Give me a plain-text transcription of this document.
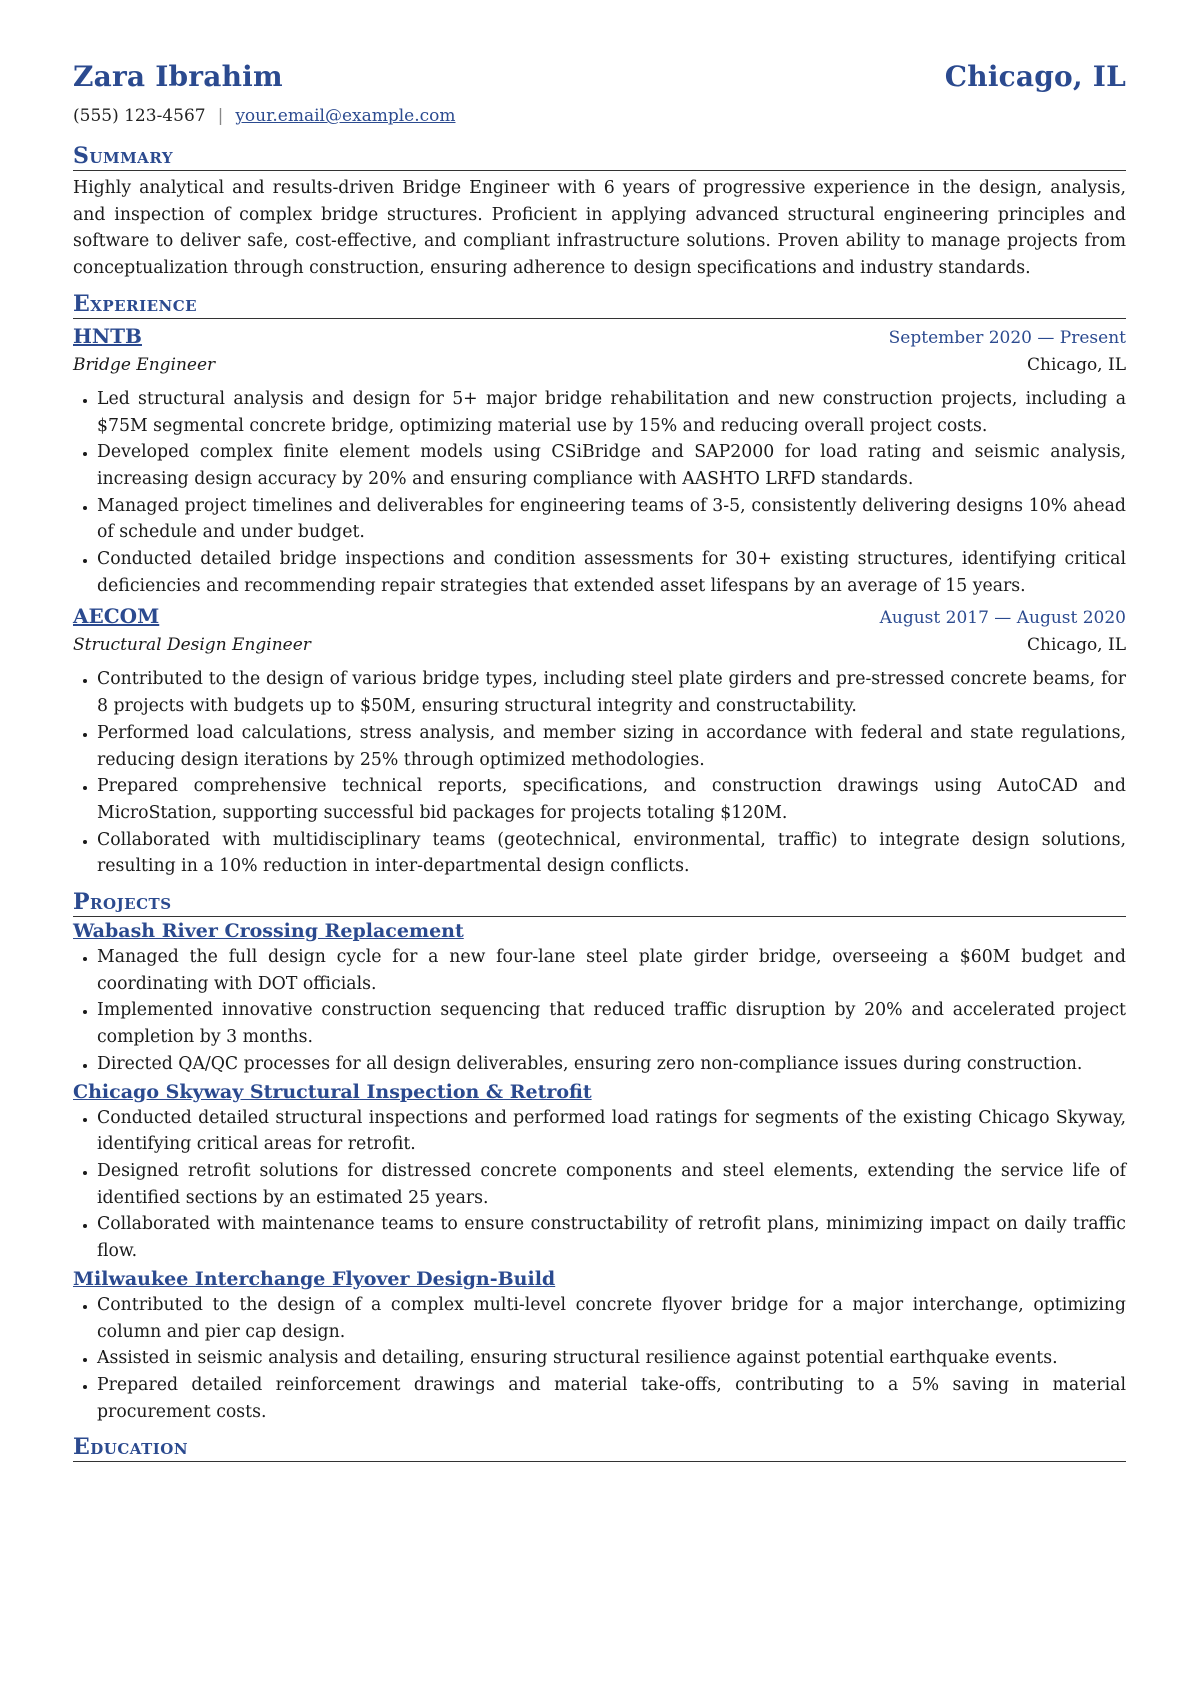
Zara Ibrahim	Chicago, IL
(555) 123-4567 | your.email@example.com
Summary

Highly analytical and results-driven Bridge Engineer with 6 years of progressive experience in the design, analysis, and inspection of complex bridge structures. Proficient in applying advanced structural engineering principles and software to deliver safe, cost-effective, and compliant infrastructure solutions. Proven ability to manage projects from conceptualization through construction, ensuring adherence to design specifications and industry standards.

Experience
HNTB	September 2020 — Present
Bridge Engineer	Chicago, IL
• Led structural analysis and design for 5+ major bridge rehabilitation and new construction projects, including a $75M segmental concrete bridge, optimizing material use by 15% and reducing overall project costs.
• Developed complex finite element models using CSiBridge and SAP2000 for load rating and seismic analysis, increasing design accuracy by 20% and ensuring compliance with AASHTO LRFD standards.
• Managed project timelines and deliverables for engineering teams of 3-5, consistently delivering designs 10% ahead of schedule and under budget.
• Conducted detailed bridge inspections and condition assessments for 30+ existing structures, identifying critical deficiencies and recommending repair strategies that extended asset lifespans by an average of 15 years.
AECOM	August 2017 — August 2020
Structural Design Engineer	Chicago, IL
• Contributed to the design of various bridge types, including steel plate girders and pre-stressed concrete beams, for 8 projects with budgets up to $50M, ensuring structural integrity and constructability.
• Performed load calculations, stress analysis, and member sizing in accordance with federal and state regulations, reducing design iterations by 25% through optimized methodologies.
• Prepared comprehensive technical reports, specifications, and construction drawings using AutoCAD and MicroStation, supporting successful bid packages for projects totaling $120M.
• Collaborated with multidisciplinary teams (geotechnical, environmental, traffic) to integrate design solutions, resulting in a 10% reduction in inter-departmental design conflicts.
Projects
Wabash River Crossing Replacement
• Managed the full design cycle for a new four-lane steel plate girder bridge, overseeing a $60M budget and coordinating with DOT officials.
• Implemented innovative construction sequencing that reduced traffic disruption by 20% and accelerated project completion by 3 months.
• Directed QA/QC processes for all design deliverables, ensuring zero non-compliance issues during construction.
Chicago Skyway Structural Inspection & Retrofit
• Conducted detailed structural inspections and performed load ratings for segments of the existing Chicago Skyway, identifying critical areas for retrofit.
• Designed retrofit solutions for distressed concrete components and steel elements, extending the service life of identified sections by an estimated 25 years.
• Collaborated with maintenance teams to ensure constructability of retrofit plans, minimizing impact on daily traffic flow.
Milwaukee Interchange Flyover Design-Build
• Contributed to the design of a complex multi-level concrete flyover bridge for a major interchange, optimizing column and pier cap design.
• Assisted in seismic analysis and detailing, ensuring structural resilience against potential earthquake events.
• Prepared detailed reinforcement drawings and material take-offs, contributing to a 5% saving in material procurement costs.
Education
